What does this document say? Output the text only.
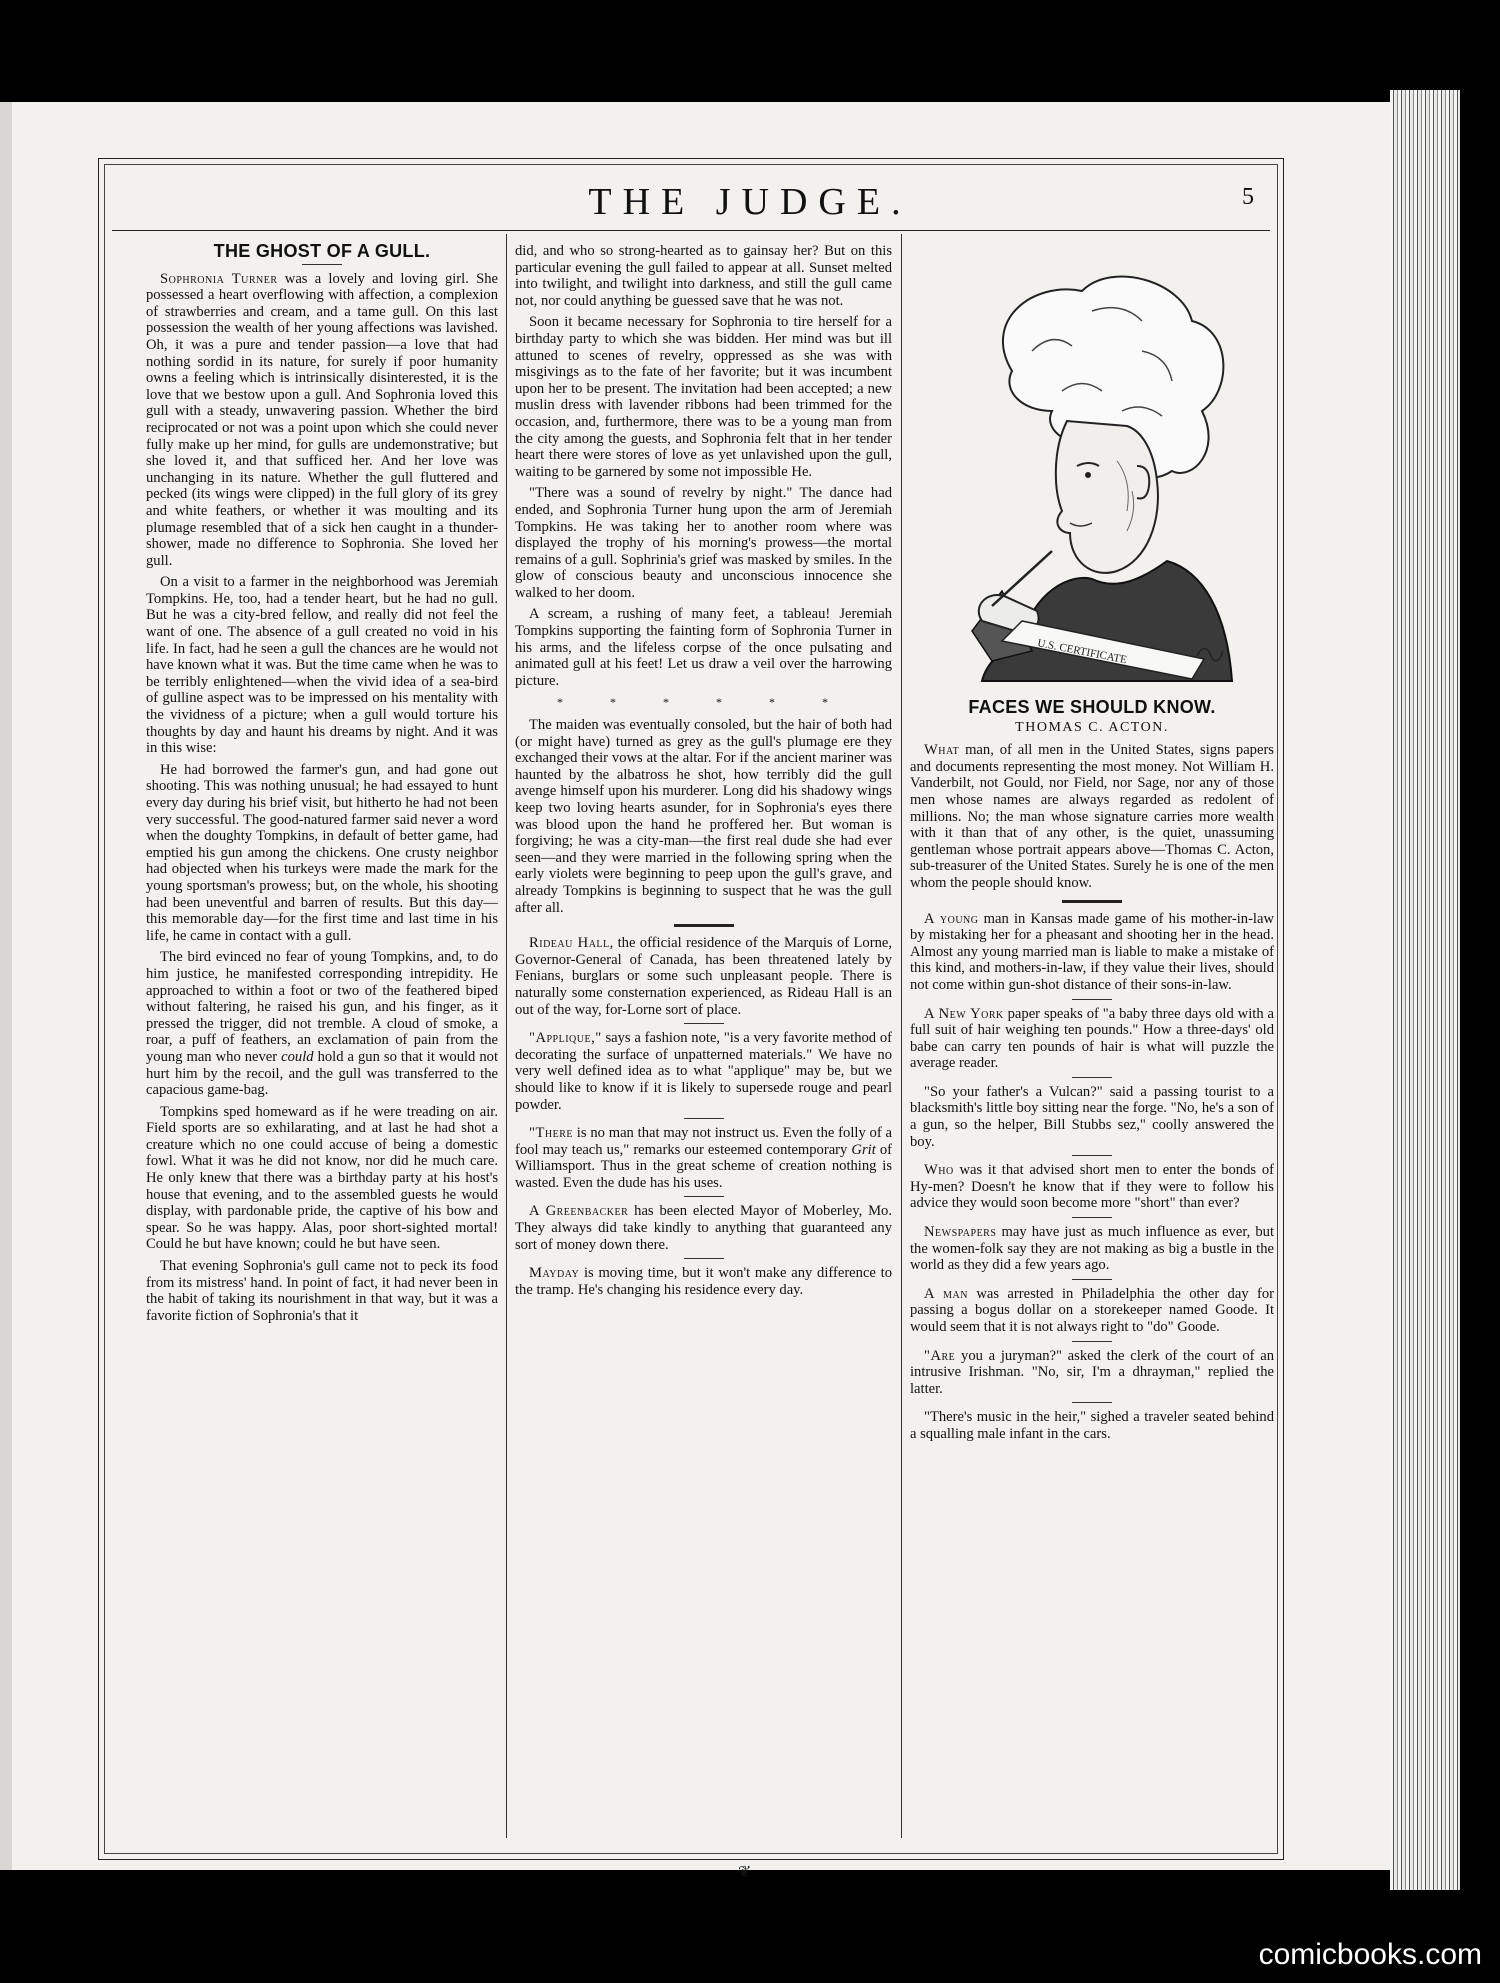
THE JUDGE.	5
THE GHOST OF A GULL.

Sophronia Turner was a lovely and loving girl. She possessed a heart overflowing with affection, a complexion of strawberries and cream, and a tame gull. On this last possession the wealth of her young affections was lavished. Oh, it was a pure and tender passion—a love that had nothing sordid in its nature, for surely if poor humanity owns a feeling which is intrinsically disinterested, it is the love that we bestow upon a gull. And Sophronia loved this gull with a steady, unwavering passion. Whether the bird reciprocated or not was a point upon which she could never fully make up her mind, for gulls are undemonstrative; but she loved it, and that sufficed her. And her love was unchanging in its nature. Whether the gull fluttered and pecked (its wings were clipped) in the full glory of its grey and white feathers, or whether it was moulting and its plumage resembled that of a sick hen caught in a thunder-shower, made no difference to Sophronia. She loved her gull.

On a visit to a farmer in the neighborhood was Jeremiah Tompkins. He, too, had a tender heart, but he had no gull. But he was a city-bred fellow, and really did not feel the want of one. The absence of a gull created no void in his life. In fact, had he seen a gull the chances are he would not have known what it was. But the time came when he was to be terribly enlightened—when the vivid idea of a sea-bird of gulline aspect was to be impressed on his mentality with the vividness of a picture; when a gull would torture his thoughts by day and haunt his dreams by night. And it was in this wise:

He had borrowed the farmer's gun, and had gone out shooting. This was nothing unusual; he had essayed to hunt every day during his brief visit, but hitherto he had not been very successful. The good-natured farmer said never a word when the doughty Tompkins, in default of better game, had emptied his gun among the chickens. One crusty neighbor had objected when his turkeys were made the mark for the young sportsman's prowess; but, on the whole, his shooting had been uneventful and barren of results. But this day—this memorable day—for the first time and last time in his life, he came in contact with a gull.

The bird evinced no fear of young Tompkins, and, to do him justice, he manifested corresponding intrepidity. He approached to within a foot or two of the feathered biped without faltering, he raised his gun, and his finger, as it pressed the trigger, did not tremble. A cloud of smoke, a roar, a puff of feathers, an exclamation of pain from the young man who never could hold a gun so that it would not hurt him by the recoil, and the gull was transferred to the capacious game-bag.

Tompkins sped homeward as if he were treading on air. Field sports are so exhilarating, and at last he had shot a creature which no one could accuse of being a domestic fowl. What it was he did not know, nor did he much care. He only knew that there was a birthday party at his host's house that evening, and to the assembled guests he would display, with pardonable pride, the captive of his bow and spear. So he was happy. Alas, poor short-sighted mortal! Could he but have known; could he but have seen.

That evening Sophronia's gull came not to peck its food from its mistress' hand. In point of fact, it had never been in the habit of taking its nourishment in that way, but it was a favorite fiction of Sophronia's that it

did, and who so strong-hearted as to gainsay her? But on this particular evening the gull failed to appear at all. Sunset melted into twilight, and twilight into darkness, and still the gull came not, nor could anything be guessed save that he was not.

Soon it became necessary for Sophronia to tire herself for a birthday party to which she was bidden. Her mind was but ill attuned to scenes of revelry, oppressed as she was with misgivings as to the fate of her favorite; but it was incumbent upon her to be present. The invitation had been accepted; a new muslin dress with lavender ribbons had been trimmed for the occasion, and, furthermore, there was to be a young man from the city among the guests, and Sophronia felt that in her tender heart there were stores of love as yet unlavished upon the gull, waiting to be garnered by some not impossible He.

"There was a sound of revelry by night." The dance had ended, and Sophronia Turner hung upon the arm of Jeremiah Tompkins. He was taking her to another room where was displayed the trophy of his morning's prowess—the mortal remains of a gull. Sophrinia's grief was masked by smiles. In the glow of conscious beauty and unconscious innocence she walked to her doom.

A scream, a rushing of many feet, a tableau! Jeremiah Tompkins supporting the fainting form of Sophronia Turner in his arms, and the lifeless corpse of the once pulsating and animated gull at his feet! Let us draw a veil over the harrowing picture.

* * * * * *

The maiden was eventually consoled, but the hair of both had (or might have) turned as grey as the gull's plumage ere they exchanged their vows at the altar. For if the ancient mariner was haunted by the albatross he shot, how terribly did the gull avenge himself upon his murderer. Long did his shadowy wings keep two loving hearts asunder, for in Sophronia's eyes there was blood upon the hand he proffered her. But woman is forgiving; he was a city-man—the first real dude she had ever seen—and they were married in the following spring when the early violets were beginning to peep upon the gull's grave, and already Tompkins is beginning to suspect that he was the gull after all.

Rideau Hall, the official residence of the Marquis of Lorne, Governor-General of Canada, has been threatened lately by Fenians, burglars or some such unpleasant people. There is naturally some consternation experienced, as Rideau Hall is an out of the way, for-Lorne sort of place.

"Applique," says a fashion note, "is a very favorite method of decorating the surface of unpatterned materials." We have no very well defined idea as to what "applique" may be, but we should like to know if it is likely to supersede rouge and pearl powder.

"There is no man that may not instruct us. Even the folly of a fool may teach us," remarks our esteemed contemporary Grit of Williamsport. Thus in the great scheme of creation nothing is wasted. Even the dude has his uses.

A Greenbacker has been elected Mayor of Moberley, Mo. They always did take kindly to anything that guaranteed any sort of money down there.

Mayday is moving time, but it won't make any difference to the tramp. He's changing his residence every day.

U.S. CERTIFICATE
FACES WE SHOULD KNOW.
THOMAS C. ACTON.

What man, of all men in the United States, signs papers and documents representing the most money. Not William H. Vanderbilt, not Gould, nor Field, nor Sage, nor any of those men whose names are always regarded as redolent of millions. No; the man whose signature carries more wealth with it than that of any other, is the quiet, unassuming gentleman whose portrait appears above—Thomas C. Acton, sub-treasurer of the United States. Surely he is one of the men whom the people should know.

A young man in Kansas made game of his mother-in-law by mistaking her for a pheasant and shooting her in the head. Almost any young married man is liable to make a mistake of this kind, and mothers-in-law, if they value their lives, should not come within gun-shot distance of their sons-in-law.

A New York paper speaks of "a baby three days old with a full suit of hair weighing ten pounds." How a three-days' old babe can carry ten pounds of hair is what will puzzle the average reader.

"So your father's a Vulcan?" said a passing tourist to a blacksmith's little boy sitting near the forge. "No, he's a son of a gun, so the helper, Bill Stubbs sez," coolly answered the boy.

Who was it that advised short men to enter the bonds of Hy-men? Doesn't he know that if they were to follow his advice they would soon become more "short" than ever?

Newspapers may have just as much influence as ever, but the women-folk say they are not making as big a bustle in the world as they did a few years ago.

A man was arrested in Philadelphia the other day for passing a bogus dollar on a storekeeper named Goode. It would seem that it is not always right to "do" Goode.

"Are you a juryman?" asked the clerk of the court of an intrusive Irishman. "No, sir, I'm a dhrayman," replied the latter.

"There's music in the heir," sighed a traveler seated behind a squalling male infant in the cars.

❦
comicbooks.com
